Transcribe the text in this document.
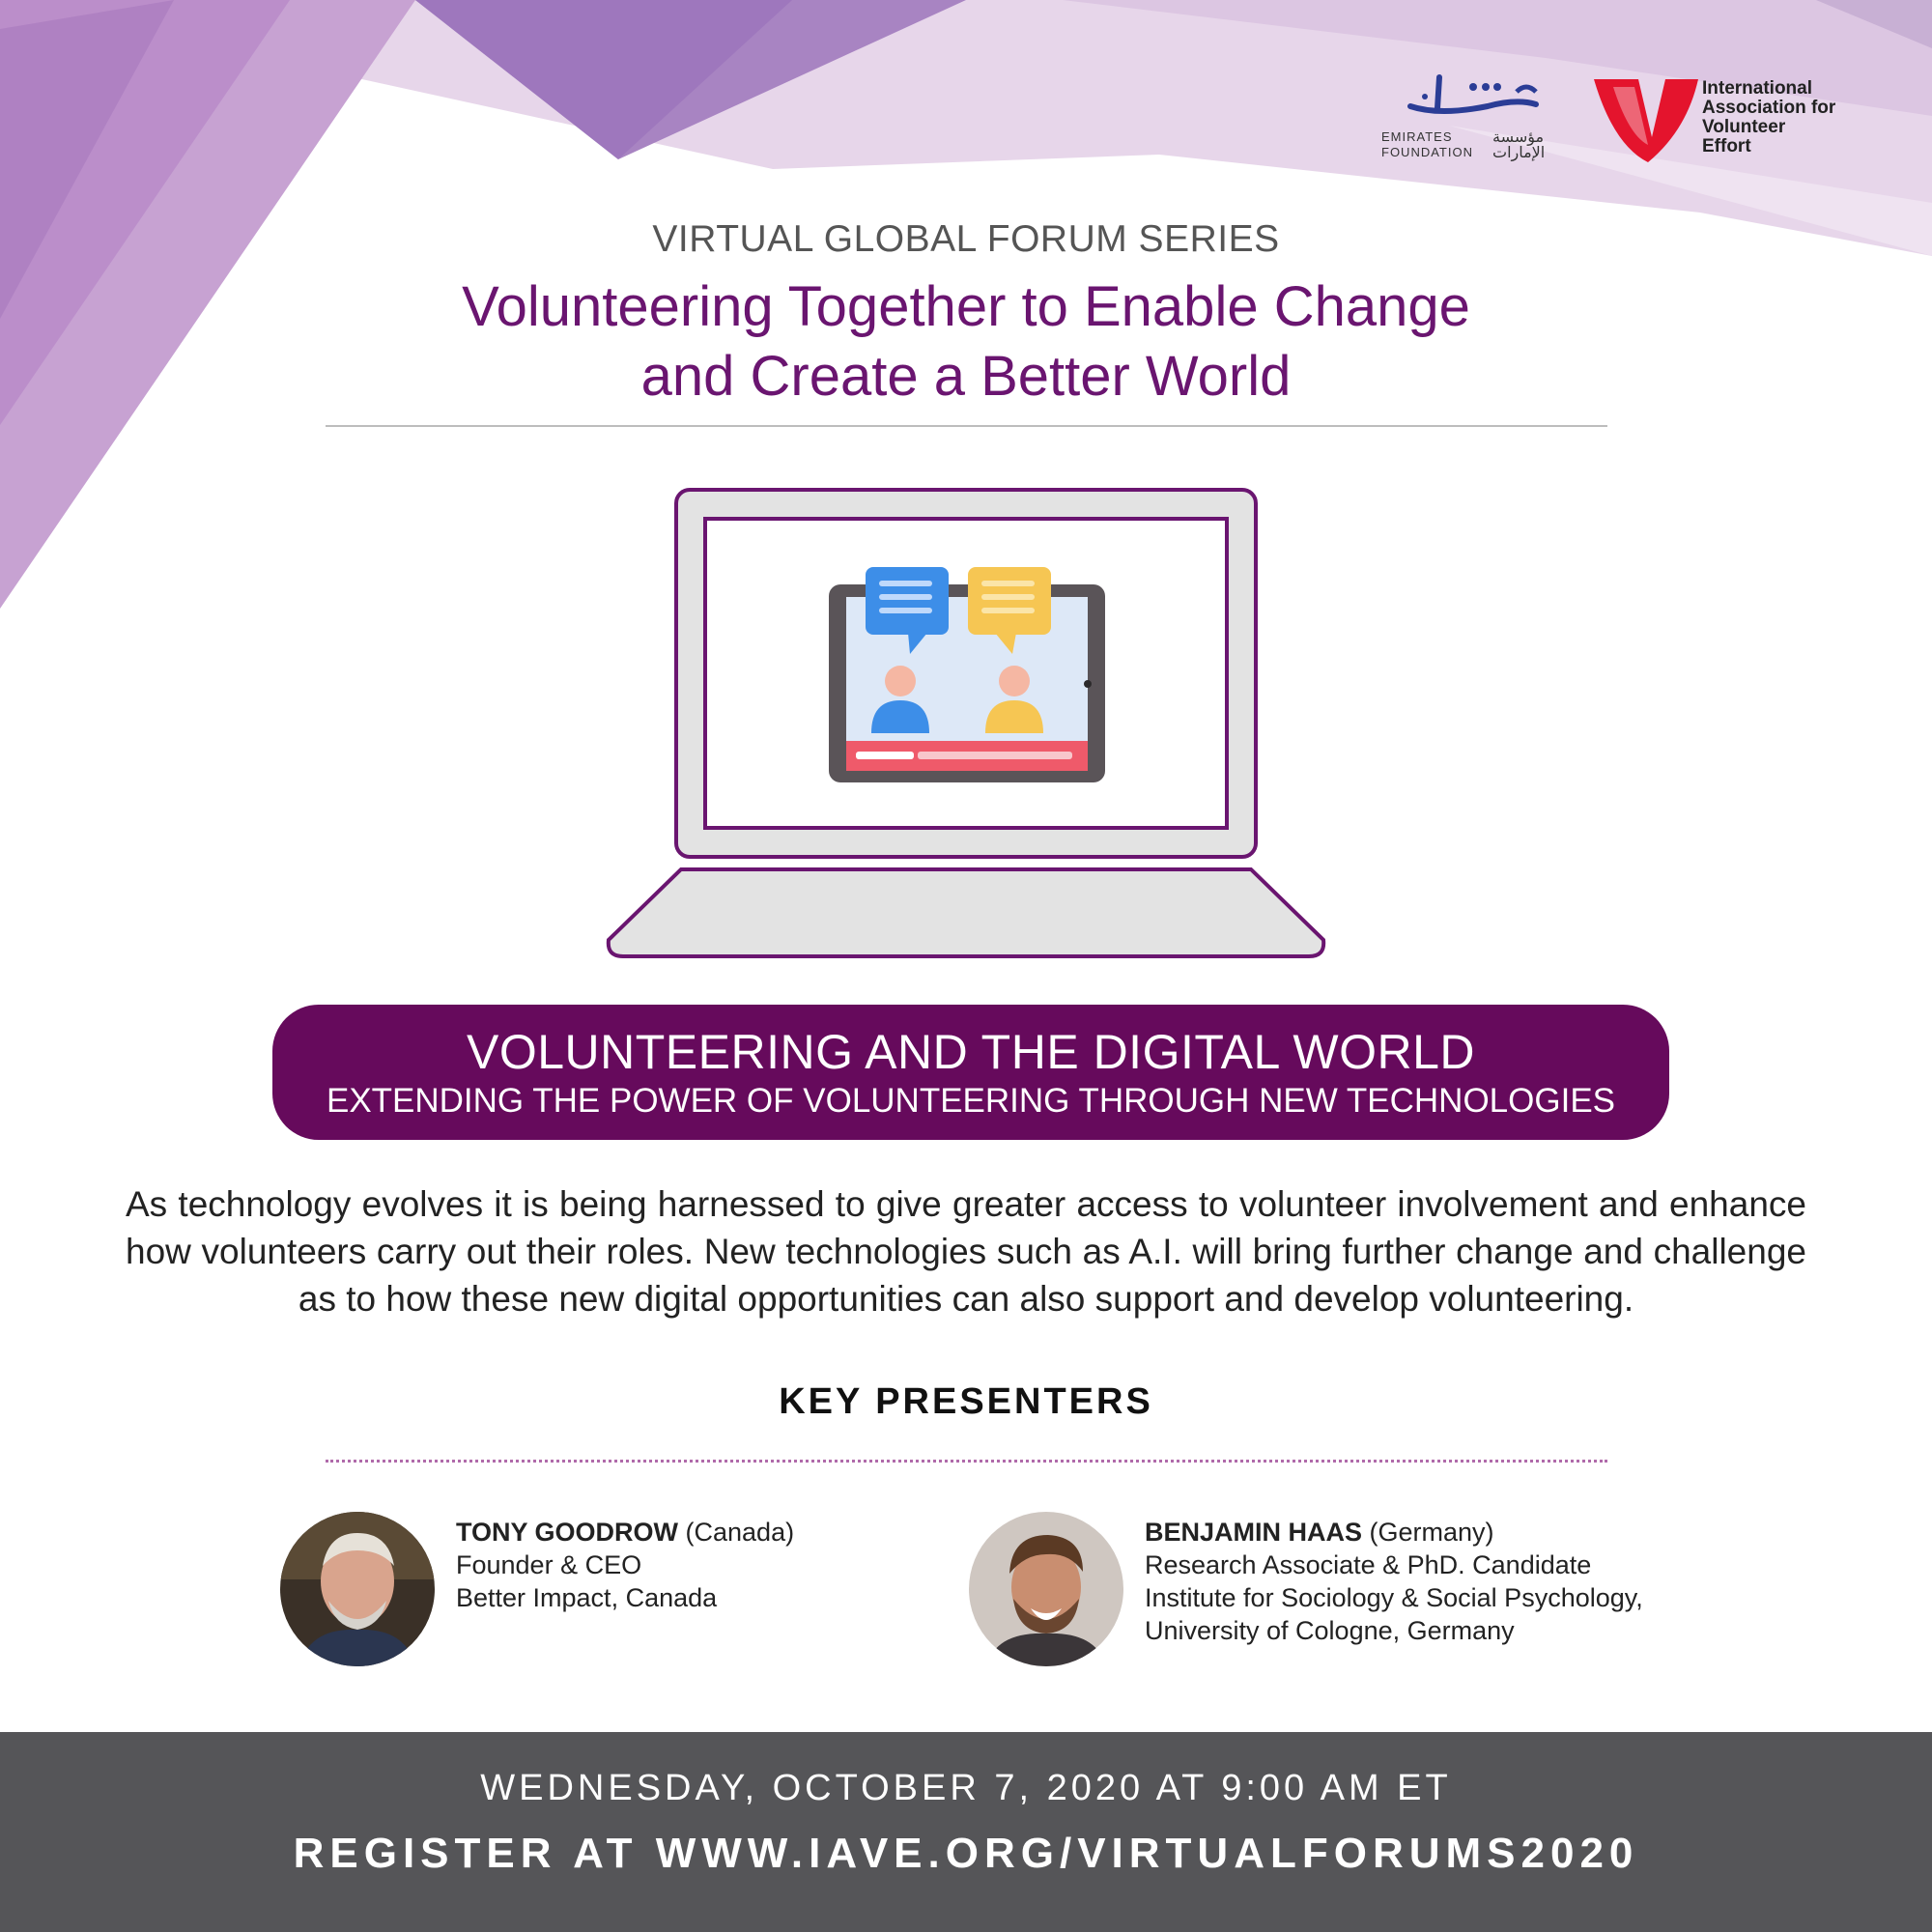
EMIRATES
FOUNDATION
مؤسسة
الإمارات
International
Association for
Volunteer
Effort
VIRTUAL GLOBAL FORUM SERIES
Volunteering Together to Enable Change
and Create a Better World
VOLUNTEERING AND THE DIGITAL WORLD
EXTENDING THE POWER OF VOLUNTEERING THROUGH NEW TECHNOLOGIES
As technology evolves it is being harnessed to give greater access to volunteer involvement and enhance how volunteers carry out their roles. New technologies such as A.I. will bring further change and challenge as to how these new digital opportunities can also support and develop volunteering.
KEY PRESENTERS
TONY GOODROW (Canada)
Founder & CEO
Better Impact, Canada
BENJAMIN HAAS (Germany)
Research Associate & PhD. Candidate
Institute for Sociology & Social Psychology,
University of Cologne, Germany
WEDNESDAY, OCTOBER 7, 2020 AT 9:00 AM ET
REGISTER AT WWW.IAVE.ORG/VIRTUALFORUMS2020
